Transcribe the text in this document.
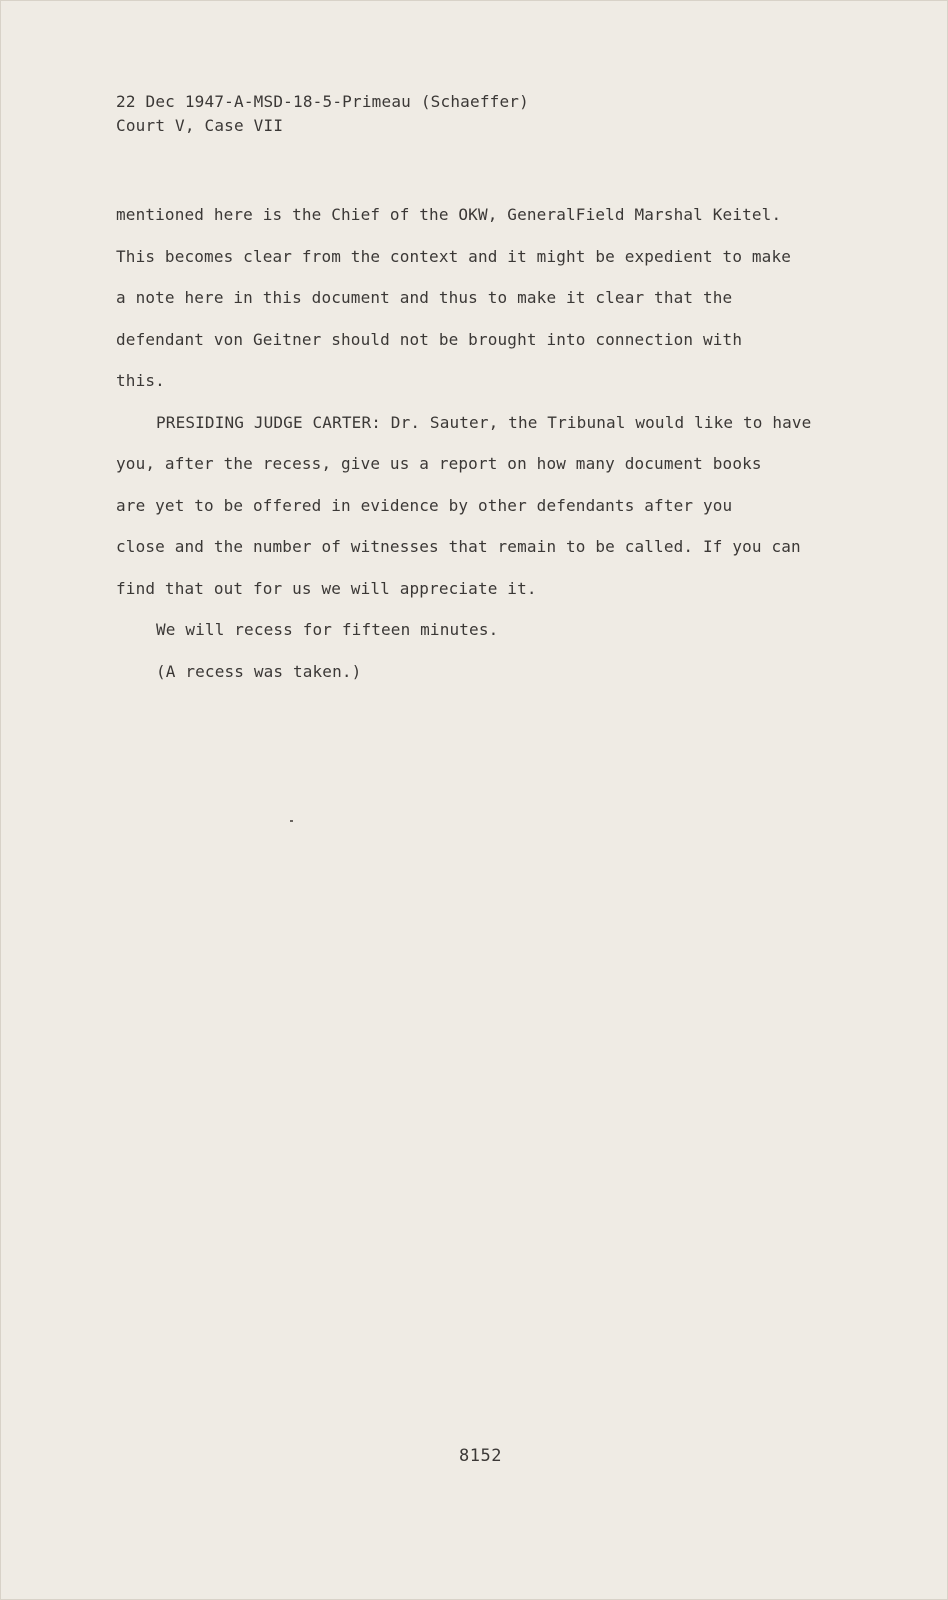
22 Dec 1947-A-MSD-18-5-Primeau (Schaeffer)
Court V, Case VII
mentioned here is the Chief of the OKW, GeneralField Marshal Keitel.
This becomes clear from the context and it might be expedient to make
a note here in this document and thus to make it clear that the
defendant von Geitner should not be brought into connection with
this.
PRESIDING JUDGE CARTER: Dr. Sauter, the Tribunal would like to have
you, after the recess, give us a report on how many document books
are yet to be offered in evidence by other defendants after you
close and the number of witnesses that remain to be called. If you can
find that out for us we will appreciate it.
We will recess for fifteen minutes.
(A recess was taken.)
8152
